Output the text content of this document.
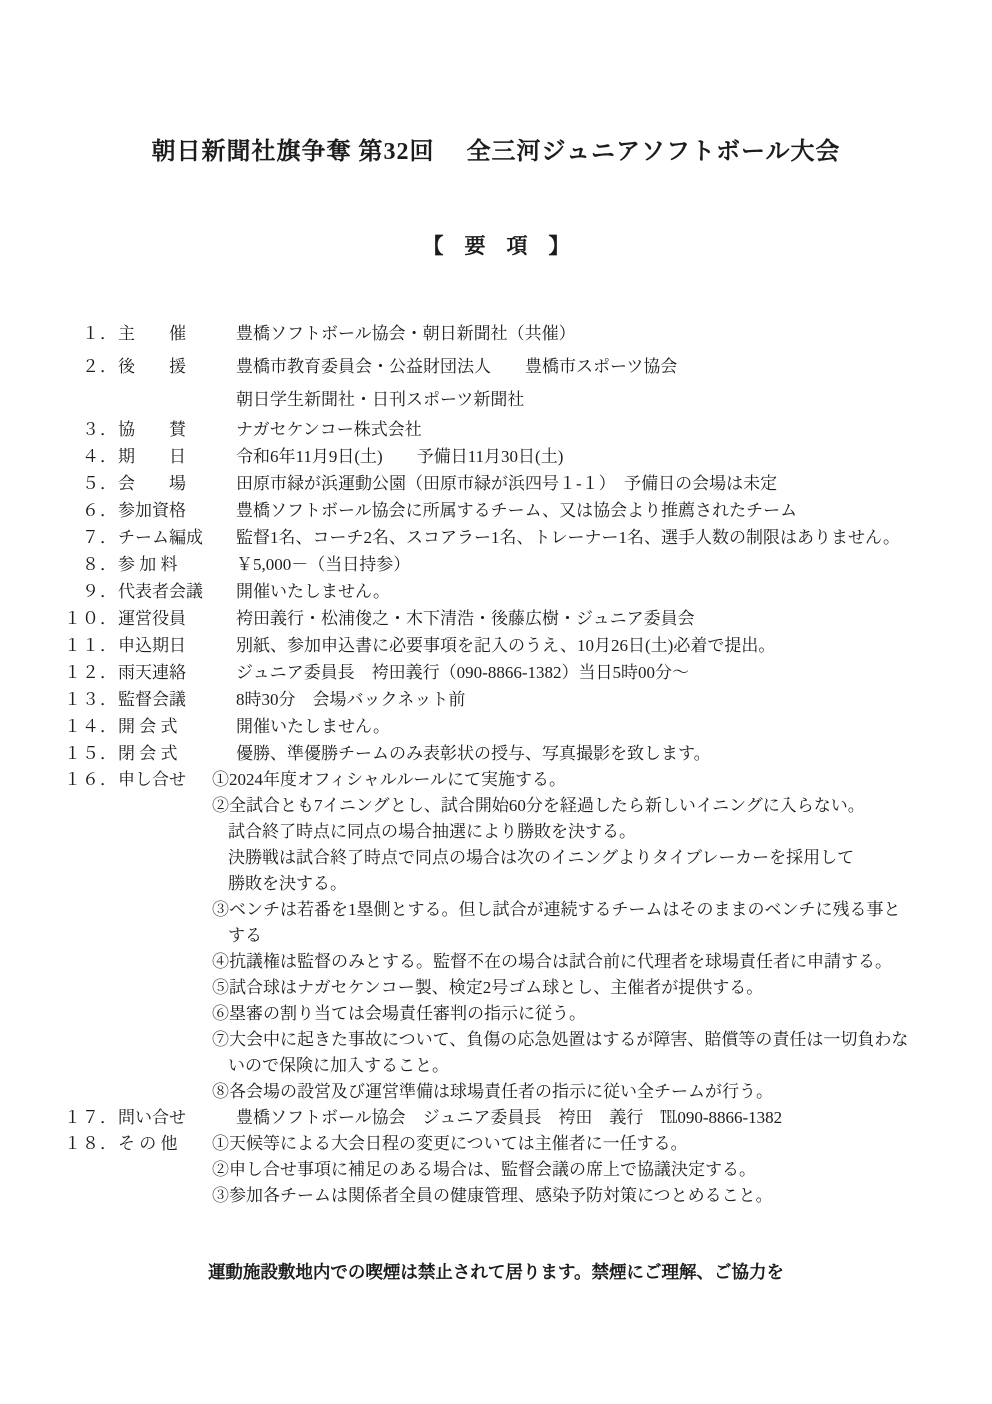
朝日新聞社旗争奪 第32回　 全三河ジュニアソフトボール大会
【　要　項　】
１． 主　　催	豊橋ソフトボール協会・朝日新聞社（共催）
２． 後　　援	豊橋市教育委員会・公益財団法人　　豊橋市スポーツ協会
朝日学生新聞社・日刊スポーツ新聞社
３． 協　　賛	ナガセケンコー株式会社
４． 期　　日	令和6年11月9日(土)　　予備日11月30日(土)
５． 会　　場	田原市緑が浜運動公園（田原市緑が浜四号１‐１）　予備日の会場は未定
６． 参加資格	豊橋ソフトボール協会に所属するチーム、又は協会より推薦されたチーム
７． チーム編成	監督1名、コーチ2名、スコアラー1名、トレーナー1名、選手人数の制限はありません。
８． 参 加 料	￥5,000－（当日持参）
９． 代表者会議	開催いたしません。
１０． 運営役員	袴田義行・松浦俊之・木下清浩・後藤広樹・ジュニア委員会
１１． 申込期日	別紙、参加申込書に必要事項を記入のうえ、10月26日(土)必着で提出。
１２． 雨天連絡	ジュニア委員長　袴田義行（090-8866-1382）当日5時00分～
１３． 監督会議	8時30分　会場バックネット前
１４． 開 会 式	開催いたしません。
１５． 閉 会 式	優勝、準優勝チームのみ表彰状の授与、写真撮影を致します。
１６． 申し合せ	①2024年度オフィシャルルールにて実施する。
②全試合とも7イニングとし、試合開始60分を経過したら新しいイニングに入らない。
試合終了時点に同点の場合抽選により勝敗を決する。
決勝戦は試合終了時点で同点の場合は次のイニングよりタイブレーカーを採用して
勝敗を決する。
③ベンチは若番を1塁側とする。但し試合が連続するチームはそのままのベンチに残る事と
する
④抗議権は監督のみとする。監督不在の場合は試合前に代理者を球場責任者に申請する。
⑤試合球はナガセケンコー製、検定2号ゴム球とし、主催者が提供する。
⑥塁審の割り当ては会場責任審判の指示に従う。
⑦大会中に起きた事故について、負傷の応急処置はするが障害、賠償等の責任は一切負わな
いので保険に加入すること。
⑧各会場の設営及び運営準備は球場責任者の指示に従い全チームが行う。
１７． 問い合せ	豊橋ソフトボール協会　ジュニア委員長　袴田　義行　℡090-8866-1382
１８． そ の 他	①天候等による大会日程の変更については主催者に一任する。
②申し合せ事項に補足のある場合は、監督会議の席上で協議決定する。
③参加各チームは関係者全員の健康管理、感染予防対策につとめること。
運動施設敷地内での喫煙は禁止されて居ります。禁煙にご理解、ご協力を
